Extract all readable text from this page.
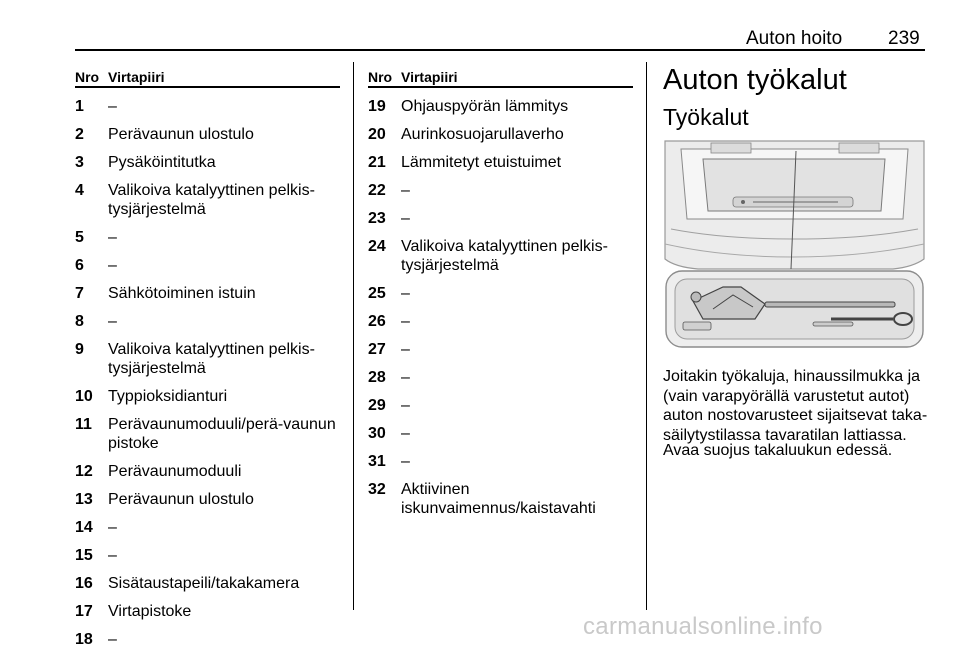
Auton hoito 239
Nro Virtapiiri
1 –
2 Perävaunun ulostulo
3 Pysäköintitutka
4 Valikoiva katalyyttinen pelkis-tysjärjestelmä
5 –
6 –
7 Sähkötoiminen istuin
8 –
9 Valikoiva katalyyttinen pelkis-tysjärjestelmä
10 Typpioksidianturi
11 Perävaunumoduuli/perä-vaunun pistoke
12 Perävaunumoduuli
13 Perävaunun ulostulo
14 –
15 –
16 Sisätaustapeili/takakamera
17 Virtapistoke
18 –
Nro Virtapiiri
19 Ohjauspyörän lämmitys
20 Aurinkosuojarullaverho
21 Lämmitetyt etuistuimet
22 –
23 –
24 Valikoiva katalyyttinen pelkis-tysjärjestelmä
25 –
26 –
27 –
28 –
29 –
30 –
31 –
32 Aktiivinen iskunvaimennus/kaistavahti
Auton työkalut
Työkalut
Joitakin työkaluja, hinaussilmukka ja (vain varapyörällä varustetut autot) auton nostovarusteet sijaitsevat taka-säilytystilassa tavaratilan lattiassa.
Avaa suojus takaluukun edessä.
carmanualsonline.info
